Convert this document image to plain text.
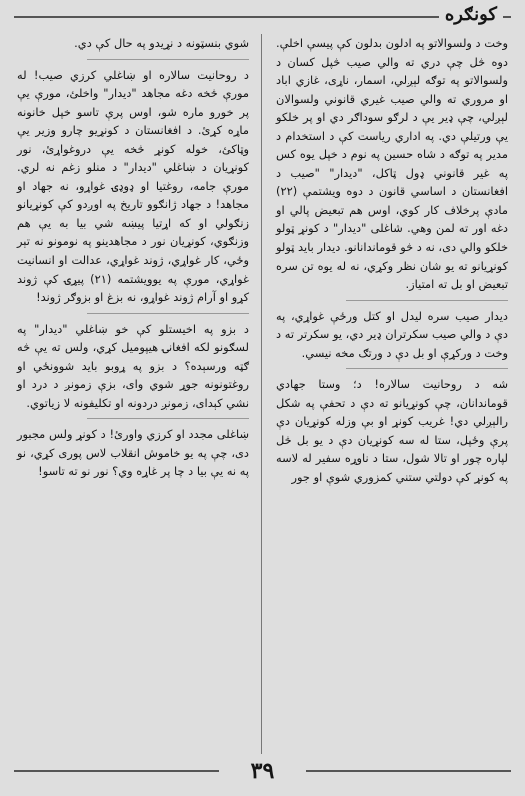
کونګره

وخت د ولسوالاتو په ادلون بدلون کې پیسې اخلې. دوه څل چې دري ته والي صیب څپل کسان د ولسوالاتو په توګه لېږلي، اسمار، ناړی، غازي اباد او مروري ته والي صیب غیري قانوني ولسوالان لېږلي، چې ډیر یې د لرګو سوداګر دي او پر خلکو یې ورتیلې دي. په اداري ریاست کې د استخدام د مدیر په توګه د شاه حسین په نوم د خپل یوه کس په غیر قانوني ډول ټاکل، "دیدار" "صیب د افغانستان د اساسي قانون د دوه ویشتمې (۲۲) مادې پرخلاف کار کوي، اوس هم تبعیض پالي او دغه اور ته لمن وهي. شاغلی "دیدار" د کونړ ټولو خلکو والي دی، نه د څو قوماندانانو. دیدار باید ټولو کونړیانو ته یو شان نظر وکړي، نه له یوه تن سره تبعیض او بل ته امتیاز.

دیدار صیب سره لیدل او کتل ورځې غواړي، په دې د والي صیب سکرتران ډیر دي، یو سکرتر ته د وخت د ورکړې او بل دې د ورتګ مخه نیسي.

شه د روحانیت سالاره! د؛ وستا جهادي قوماندانان، چې کونړیانو ته دې د تحفې په شکل رالېږلي دي! غریب کونړ او بې وزله کونړیان دې پرې وځپل، ستا له سه کونړیان دې د یو بل څل لپاره چور او تالا شول، ستا د ناوړه سفیر له لاسه په کونړ کې دولتي ستني کمزوري شوې او جور

شوي بنسټونه د نړیدو په حال کې دي.

د روحانیت سالاره او ښاغلي کرزي صیب! له مورې څخه دغه مجاهد "دیدار" واخلئ، مورې یې پر خورو ماره شو، اوس پرې تاسو خپل خانونه ماړه کړئ. د افغانستان د کونړیو چارو وزیر یې وټاکئ، خوله کونړ څخه یې دروغواړئ، نور کونړیان د ښاغلي "دیدار" د منلو زغم نه لري. مورې جامه، روغتیا او ډوډۍ غواړو، نه جهاد او مجاهد! د جهاد ژانګوو تاریخ په اوږدو کې کونړیانو زنګولي او که اړتیا پیښه شي بیا به یې هم وزنګوي، کونړیان نور د مجاهدینو په نومونو نه تېر وځي، کار غواړي، ژوند غواړي، عدالت او انسانیت غواړي، مورې په یوویشتمه (۲۱) پیړۍ کې ژوند کړو او آرام ژوند غواړو، نه بزغ او بزوګر ژوند!

د بزو په اخیستلو کې خو ښاغلي "دیدار" په لسګونو لکه افغانۍ هیپومیل کړي، ولس ته یې څه ګټه ورسېده؟ د بزو په ړوبو باید شوونځي او روغتونونه جوړ شوي وای، بزې زمونږ د درد او نشي کېدای، زمونږ دردونه او تکلیفونه لا زیاتوي.

ښاغلی مجدد او کرزي واورئ! د کونړ ولس مجبور دی، چې په یو خاموش انقلاب لاس پوری کړي، نو په نه یې بیا د چا پر غاړه وي؟ نور نو ته تاسو!

۳۹
